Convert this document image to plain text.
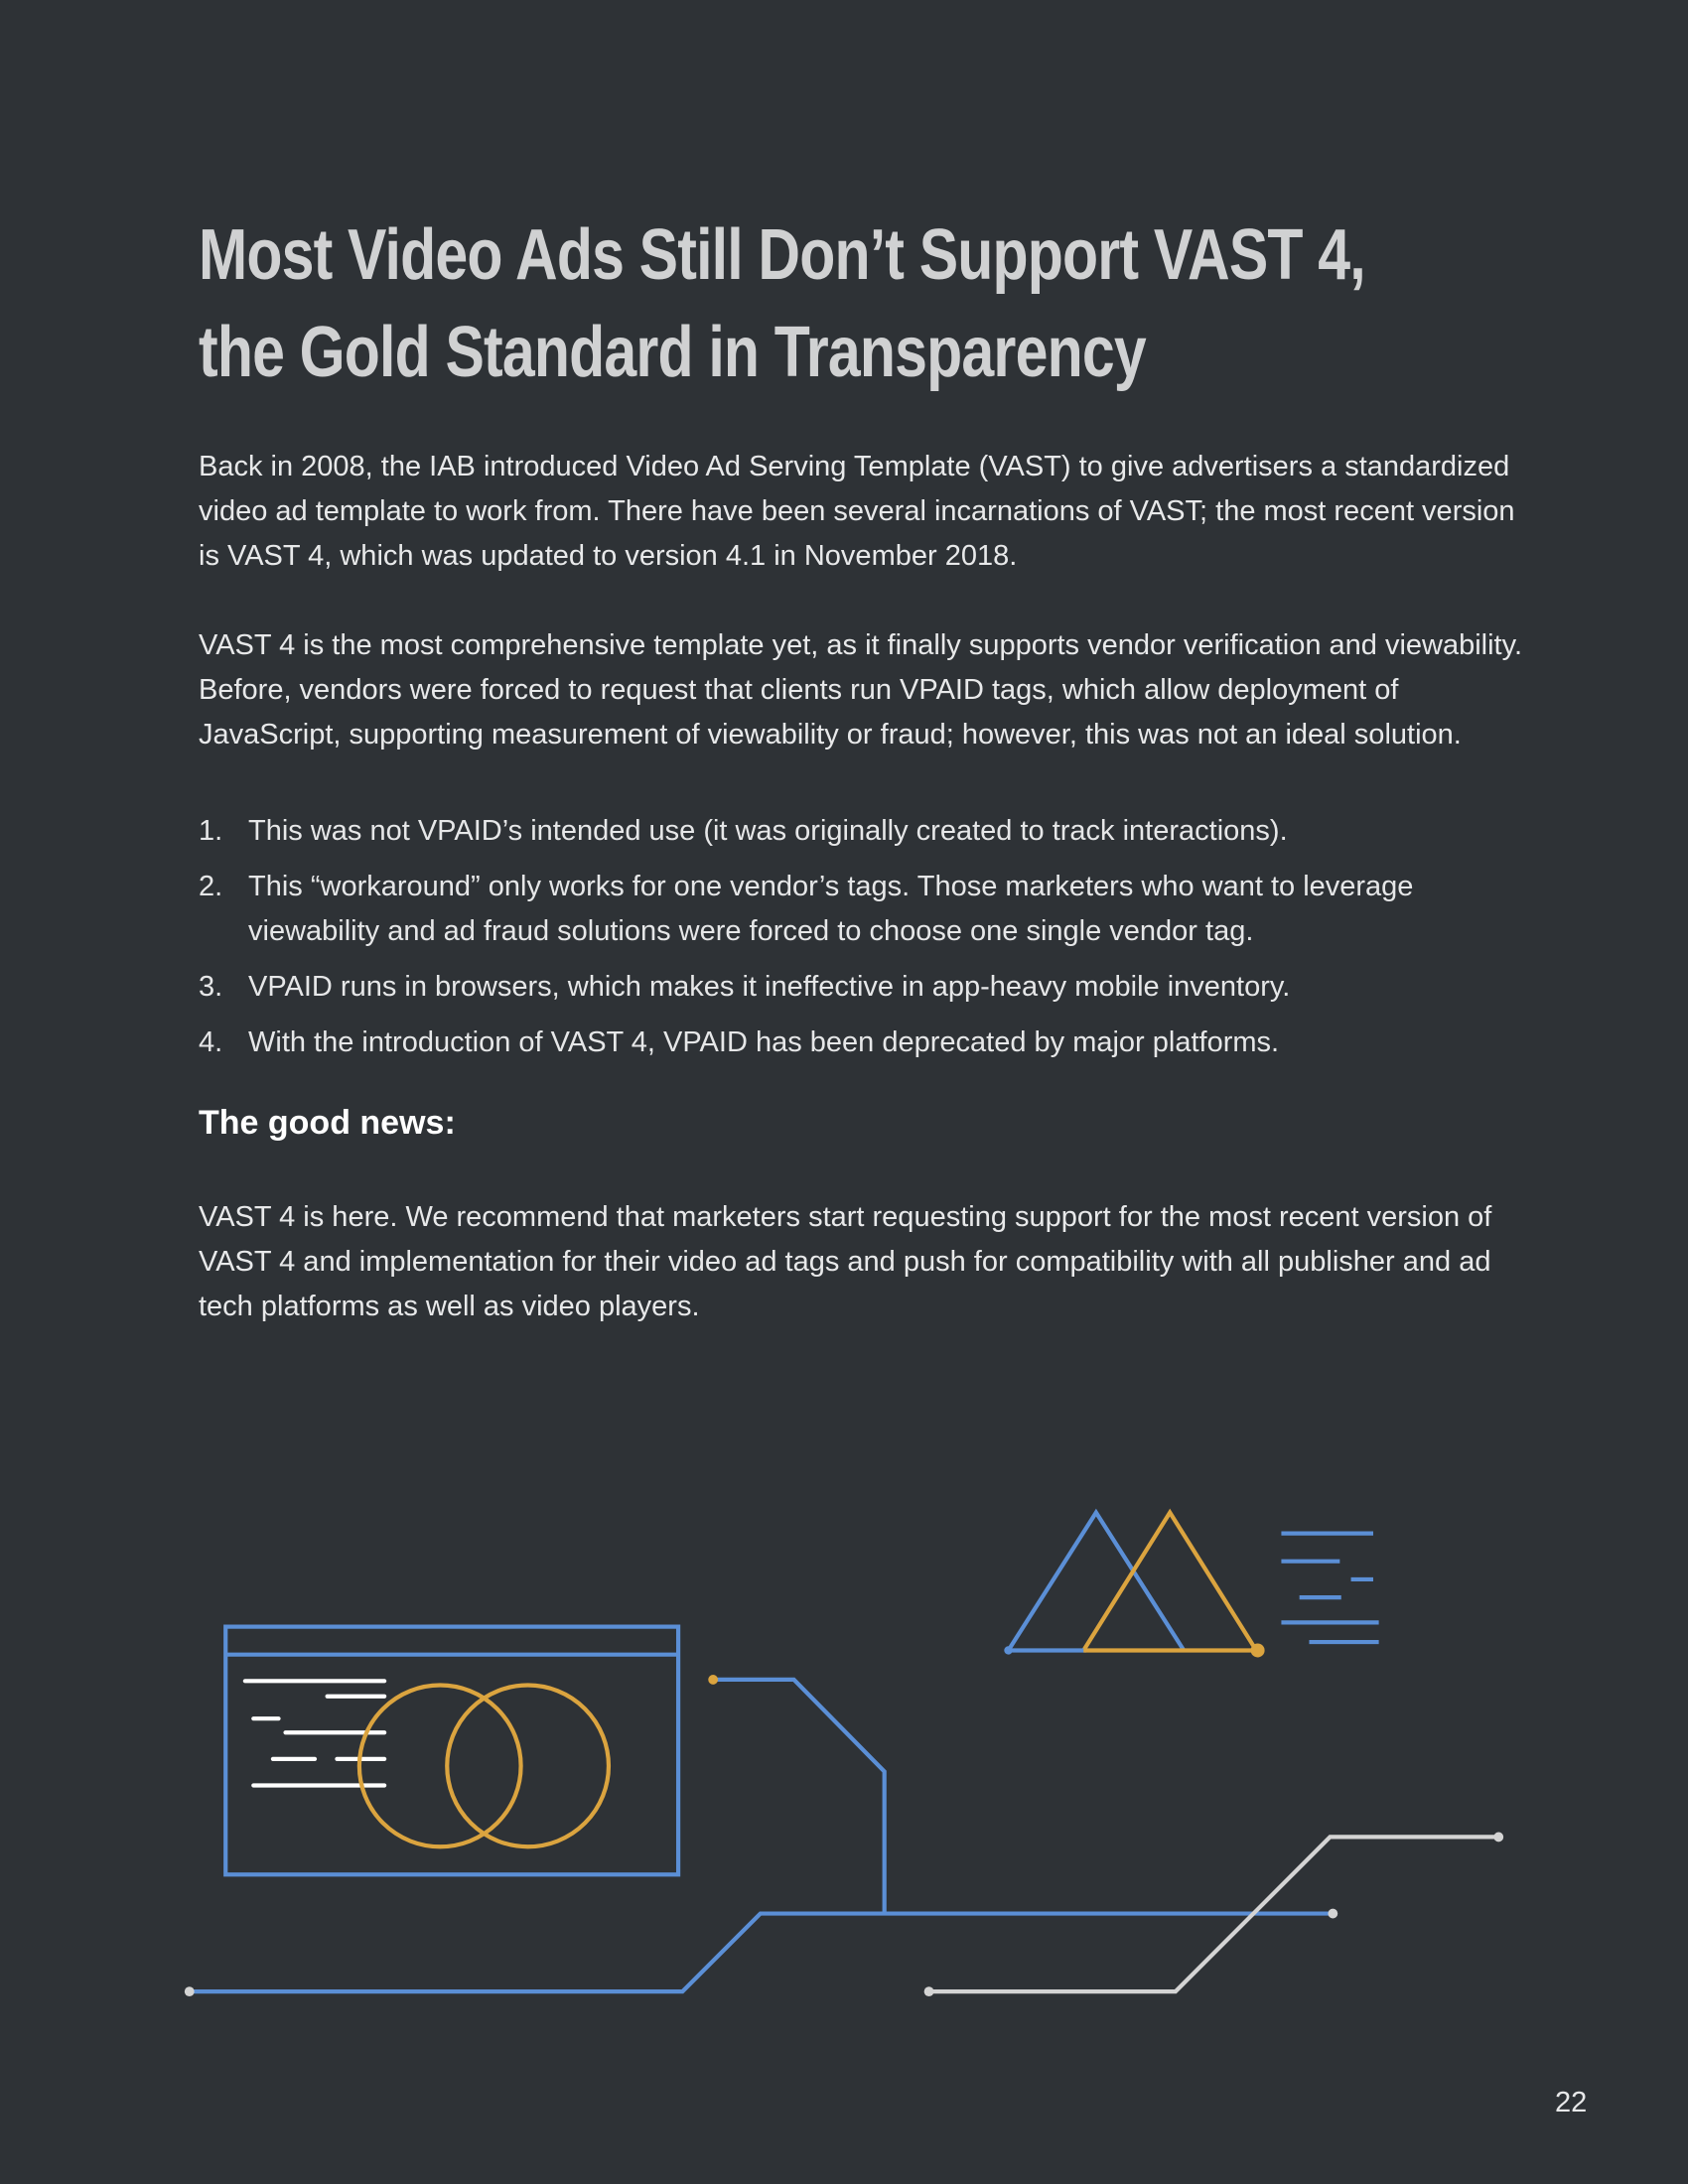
Most Video Ads Still Don’t Support VAST 4,
the Gold Standard in Transparency

Back in 2008, the IAB introduced Video Ad Serving Template (VAST) to give advertisers a standardized video ad template to work from. There have been several incarnations of VAST; the most recent version is VAST 4, which was updated to version 4.1 in November 2018.

VAST 4 is the most comprehensive template yet, as it finally supports vendor verification and viewability. Before, vendors were forced to request that clients run VPAID tags, which allow deployment of JavaScript, supporting measurement of viewability or fraud; however, this was not an ideal solution.

1. This was not VPAID’s intended use (it was originally created to track interactions).
2. This “workaround” only works for one vendor’s tags. Those marketers who want to leverage viewability and ad fraud solutions were forced to choose one single vendor tag.
3. VPAID runs in browsers, which makes it ineffective in app-heavy mobile inventory.
4. With the introduction of VAST 4, VPAID has been deprecated by major platforms.
The good news:

VAST 4 is here. We recommend that marketers start requesting support for the most recent version of VAST 4 and implementation for their video ad tags and push for compatibility with all publisher and ad tech platforms as well as video players.

22
